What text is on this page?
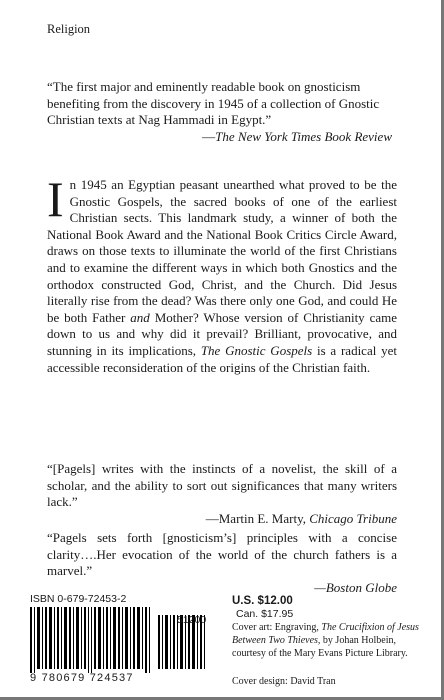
Religion
“The first major and eminently readable book on gnosticism benefiting from the discovery in 1945 of a collection of Gnostic Christian texts at Nag Hammadi in Egypt.”
—The New York Times Book Review
In 1945 an Egyptian peasant unearthed what proved to be the Gnostic Gospels, the sacred books of one of the earliest Christian sects. This landmark study, a winner of both the National Book Award and the National Book Critics Circle Award, draws on those texts to illuminate the world of the first Christians and to examine the different ways in which both Gnostics and the orthodox constructed God, Christ, and the Church. Did Jesus literally rise from the dead? Was there only one God, and could He be both Father and Mother? Whose version of Christianity came down to us and why did it prevail? Brilliant, provocative, and stunning in its implications, The Gnostic Gospels is a radical yet accessible reconsideration of the origins of the Christian faith.
“[Pagels] writes with the instincts of a novelist, the skill of a scholar, and the ability to sort out significances that many writers lack.”
—Martin E. Marty, Chicago Tribune
“Pagels sets forth [gnosticism’s] principles with a concise clarity….Her evocation of the world of the church fathers is a marvel.”
—Boston Globe
ISBN 0-679-72453-2
51200
9 780679 724537
U.S. $12.00
Can. $17.95
Cover art: Engraving, The Crucifixion of Jesus Between Two Thieves, by Johan Holbein, courtesy of the Mary Evans Picture Library.
Cover design: David Tran
